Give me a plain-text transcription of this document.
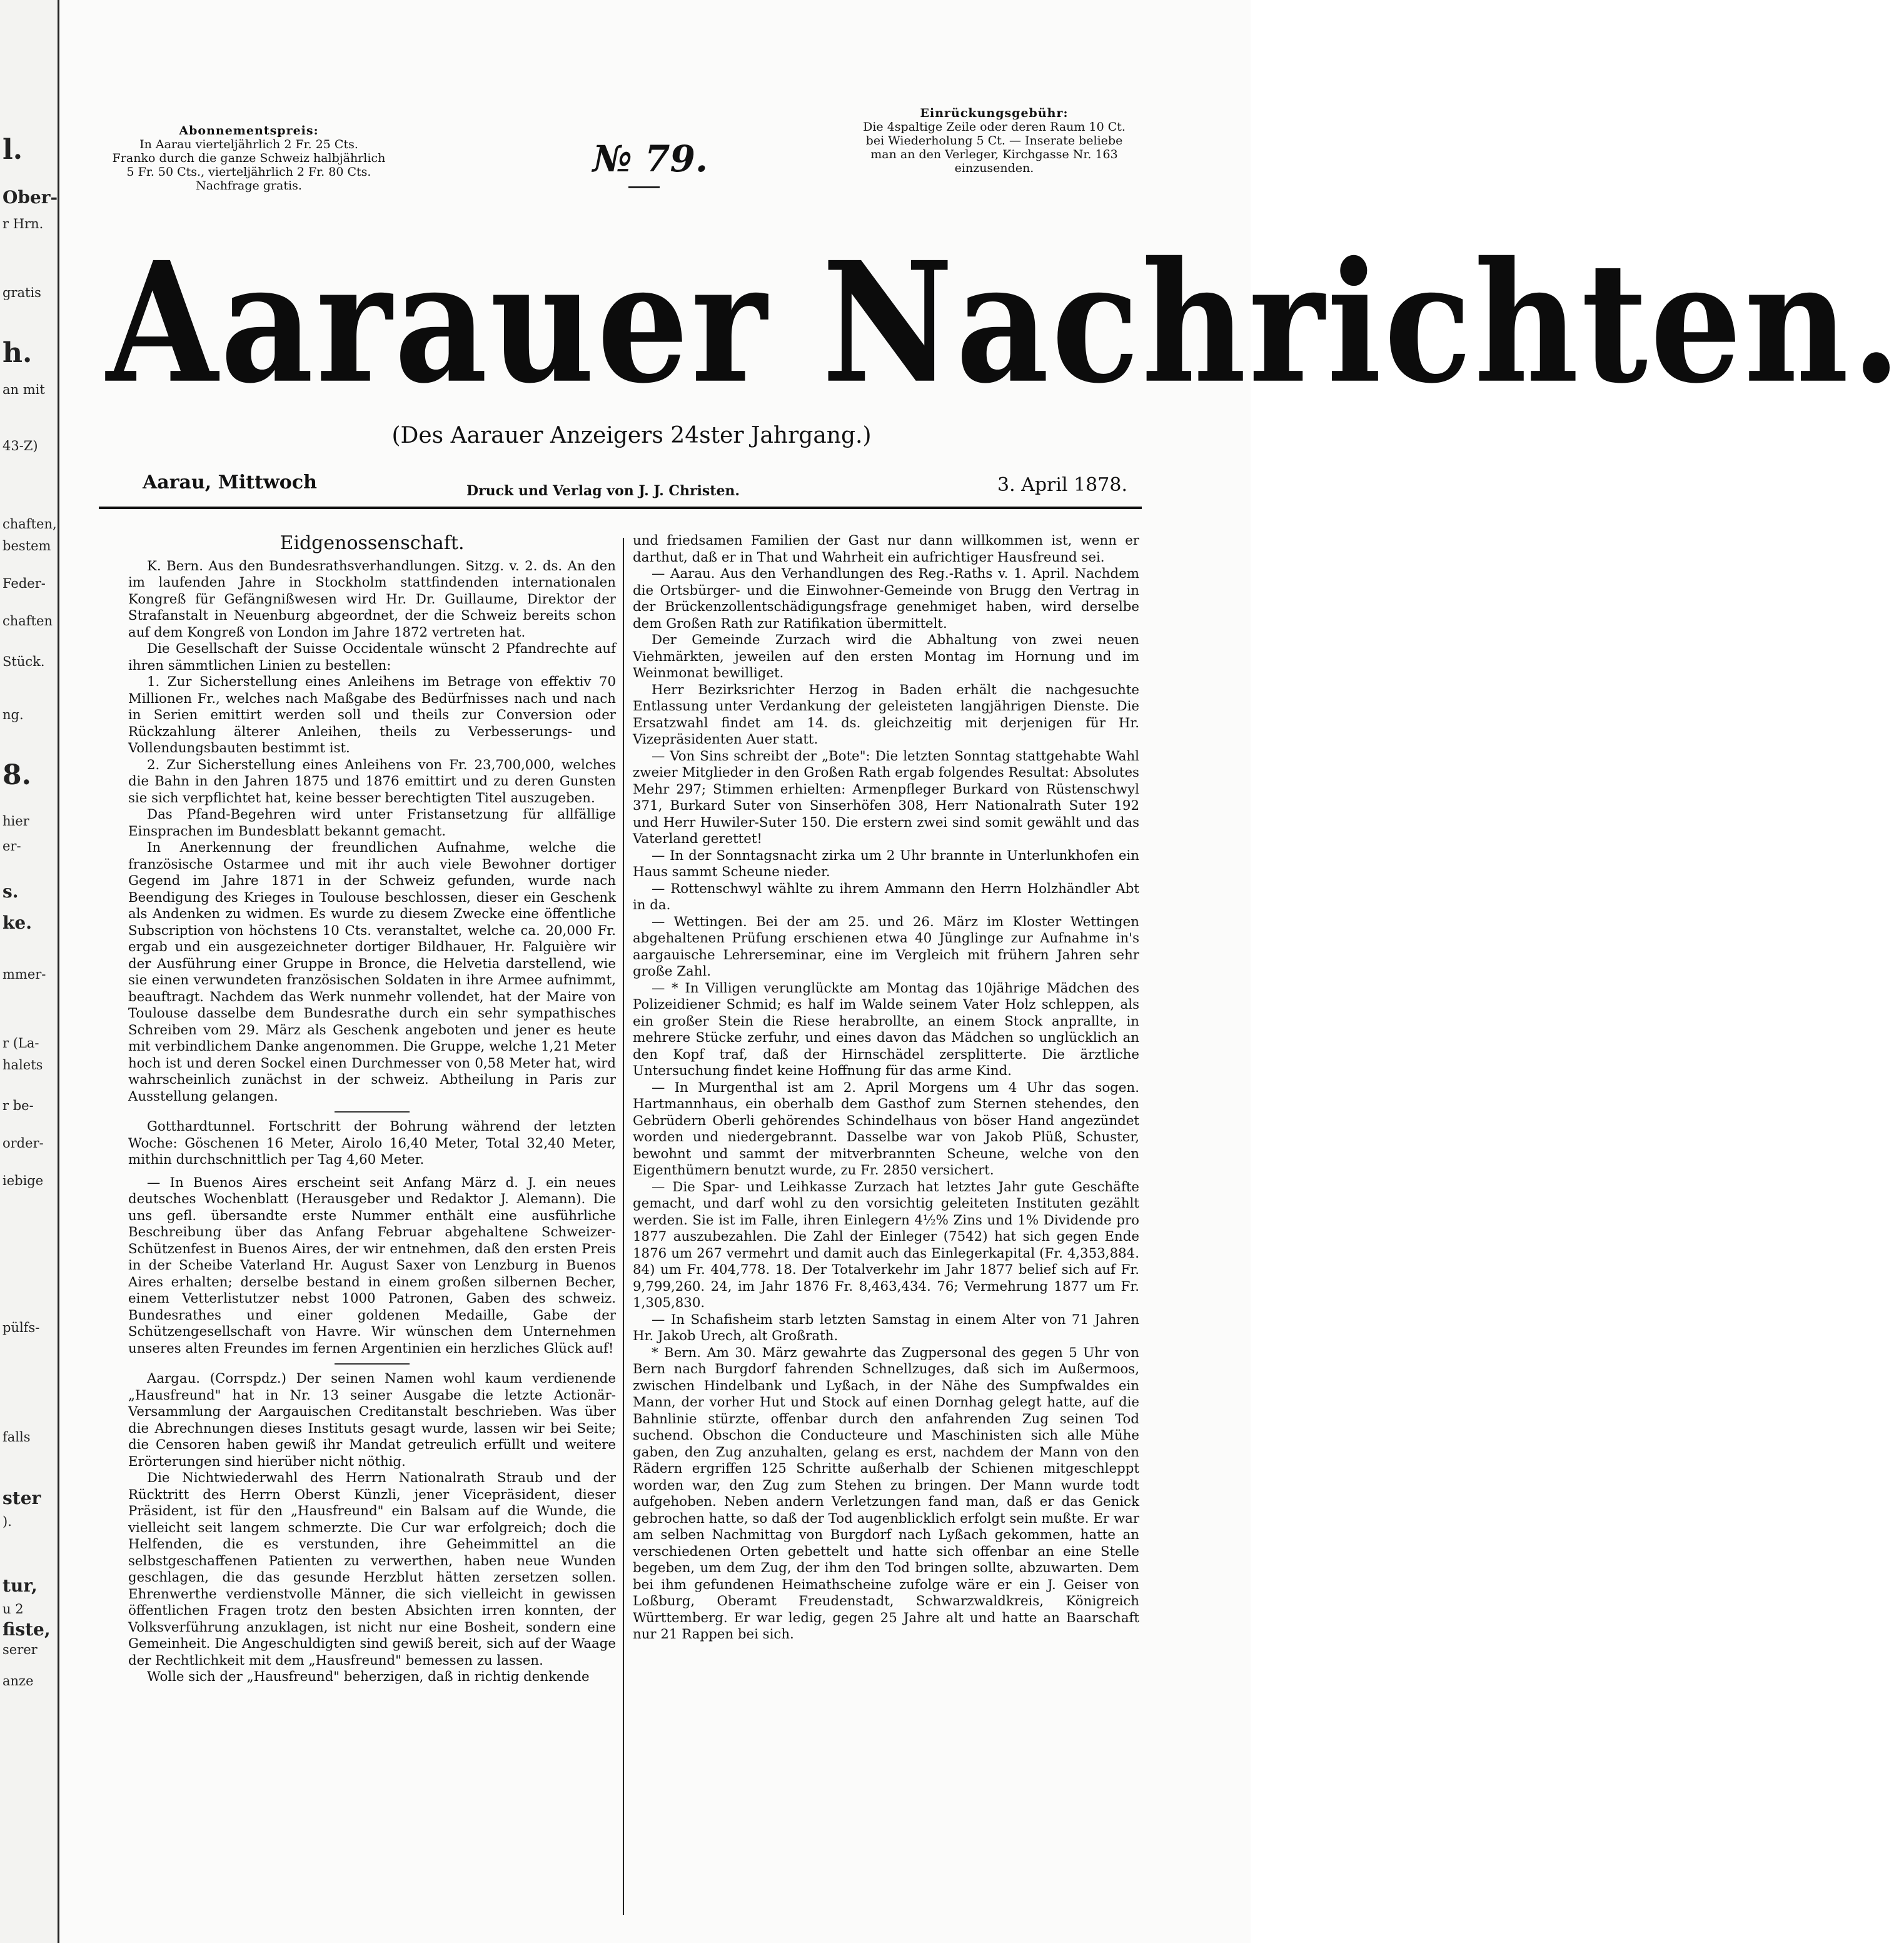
l.
Ober-
r Hrn.
gratis
h.
an mit
43-Z)
chaften,
bestem
Feder-
chaften
Stück.
ng.
8.
hier
er-
s.
ke.
mmer-
r (La-
halets
r be-
order-
iebige
pülfs-
falls
ster
).
tur,
u 2
fiste,
serer
anze
Abonnementspreis:
In Aarau vierteljährlich 2 Fr. 25 Cts.
Franko durch die ganze Schweiz halbjährlich
5 Fr. 50 Cts., vierteljährlich 2 Fr. 80 Cts.
Nachfrage gratis.
№ 79.
Einrückungsgebühr:
Die 4spaltige Zeile oder deren Raum 10 Ct.
bei Wiederholung 5 Ct. — Inserate beliebe
man an den Verleger, Kirchgasse Nr. 163
einzusenden.
Aarauer Nachrichten.
(Des Aarauer Anzeigers 24ster Jahrgang.)
Aarau, Mittwoch	Druck und Verlag von J. J. Christen.	3. April 1878.
Eidgenossenschaft.

K. Bern. Aus den Bundesrathsverhandlungen. Sitzg. v. 2. ds. An den im laufenden Jahre in Stockholm stattfindenden internationalen Kongreß für Gefängnißwesen wird Hr. Dr. Guillaume, Direktor der Strafanstalt in Neuenburg abgeordnet, der die Schweiz bereits schon auf dem Kongreß von London im Jahre 1872 vertreten hat.

Die Gesellschaft der Suisse Occidentale wünscht 2 Pfandrechte auf ihren sämmtlichen Linien zu bestellen:

1. Zur Sicherstellung eines Anleihens im Betrage von effektiv 70 Millionen Fr., welches nach Maßgabe des Bedürfnisses nach und nach in Serien emittirt werden soll und theils zur Conversion oder Rückzahlung älterer Anleihen, theils zu Verbesserungs- und Vollendungsbauten bestimmt ist.

2. Zur Sicherstellung eines Anleihens von Fr. 23,700,000, welches die Bahn in den Jahren 1875 und 1876 emittirt und zu deren Gunsten sie sich verpflichtet hat, keine besser berechtigten Titel auszugeben.

Das Pfand-Begehren wird unter Fristansetzung für allfällige Einsprachen im Bundesblatt bekannt gemacht.

In Anerkennung der freundlichen Aufnahme, welche die französische Ostarmee und mit ihr auch viele Bewohner dortiger Gegend im Jahre 1871 in der Schweiz gefunden, wurde nach Beendigung des Krieges in Toulouse beschlossen, dieser ein Geschenk als Andenken zu widmen. Es wurde zu diesem Zwecke eine öffentliche Subscription von höchstens 10 Cts. veranstaltet, welche ca. 20,000 Fr. ergab und ein ausgezeichneter dortiger Bildhauer, Hr. Falguière wir der Ausführung einer Gruppe in Bronce, die Helvetia darstellend, wie sie einen verwundeten französischen Soldaten in ihre Armee aufnimmt, beauftragt. Nachdem das Werk nunmehr vollendet, hat der Maire von Toulouse dasselbe dem Bundesrathe durch ein sehr sympathisches Schreiben vom 29. März als Geschenk angeboten und jener es heute mit verbindlichem Danke angenommen. Die Gruppe, welche 1,21 Meter hoch ist und deren Sockel einen Durchmesser von 0,58 Meter hat, wird wahrscheinlich zunächst in der schweiz. Abtheilung in Paris zur Ausstellung gelangen.

Gotthardtunnel. Fortschritt der Bohrung während der letzten Woche: Göschenen 16 Meter, Airolo 16,40 Meter, Total 32,40 Meter, mithin durchschnittlich per Tag 4,60 Meter.

— In Buenos Aires erscheint seit Anfang März d. J. ein neues deutsches Wochenblatt (Herausgeber und Redaktor J. Alemann). Die uns gefl. übersandte erste Nummer enthält eine ausführliche Beschreibung über das Anfang Februar abgehaltene Schweizer-Schützenfest in Buenos Aires, der wir entnehmen, daß den ersten Preis in der Scheibe Vaterland Hr. August Saxer von Lenzburg in Buenos Aires erhalten; derselbe bestand in einem großen silbernen Becher, einem Vetterlistutzer nebst 1000 Patronen, Gaben des schweiz. Bundesrathes und einer goldenen Medaille, Gabe der Schützengesellschaft von Havre. Wir wünschen dem Unternehmen unseres alten Freundes im fernen Argentinien ein herzliches Glück auf!

Aargau. (Corrspdz.) Der seinen Namen wohl kaum verdienende „Hausfreund" hat in Nr. 13 seiner Ausgabe die letzte Actionär-Versammlung der Aargauischen Creditanstalt beschrieben. Was über die Abrechnungen dieses Instituts gesagt wurde, lassen wir bei Seite; die Censoren haben gewiß ihr Mandat getreulich erfüllt und weitere Erörterungen sind hierüber nicht nöthig.

Die Nichtwiederwahl des Herrn Nationalrath Straub und der Rücktritt des Herrn Oberst Künzli, jener Vicepräsident, dieser Präsident, ist für den „Hausfreund" ein Balsam auf die Wunde, die vielleicht seit langem schmerzte. Die Cur war erfolgreich; doch die Helfenden, die es verstunden, ihre Geheimmittel an die selbstgeschaffenen Patienten zu verwerthen, haben neue Wunden geschlagen, die das gesunde Herzblut hätten zersetzen sollen. Ehrenwerthe verdienstvolle Männer, die sich vielleicht in gewissen öffentlichen Fragen trotz den besten Absichten irren konnten, der Volksverführung anzuklagen, ist nicht nur eine Bosheit, sondern eine Gemeinheit. Die Angeschuldigten sind gewiß bereit, sich auf der Waage der Rechtlichkeit mit dem „Hausfreund" bemessen zu lassen.

Wolle sich der „Hausfreund" beherzigen, daß in richtig denkende

und friedsamen Familien der Gast nur dann willkommen ist, wenn er darthut, daß er in That und Wahrheit ein aufrichtiger Hausfreund sei.

— Aarau. Aus den Verhandlungen des Reg.-Raths v. 1. April. Nachdem die Ortsbürger- und die Einwohner-Gemeinde von Brugg den Vertrag in der Brückenzollentschädigungsfrage genehmiget haben, wird derselbe dem Großen Rath zur Ratifikation übermittelt.

Der Gemeinde Zurzach wird die Abhaltung von zwei neuen Viehmärkten, jeweilen auf den ersten Montag im Hornung und im Weinmonat bewilliget.

Herr Bezirksrichter Herzog in Baden erhält die nachgesuchte Entlassung unter Verdankung der geleisteten langjährigen Dienste. Die Ersatzwahl findet am 14. ds. gleichzeitig mit derjenigen für Hr. Vizepräsidenten Auer statt.

— Von Sins schreibt der „Bote": Die letzten Sonntag stattgehabte Wahl zweier Mitglieder in den Großen Rath ergab folgendes Resultat: Absolutes Mehr 297; Stimmen erhielten: Armenpfleger Burkard von Rüstenschwyl 371, Burkard Suter von Sinserhöfen 308, Herr Nationalrath Suter 192 und Herr Huwiler-Suter 150. Die erstern zwei sind somit gewählt und das Vaterland gerettet!

— In der Sonntagsnacht zirka um 2 Uhr brannte in Unterlunkhofen ein Haus sammt Scheune nieder.

— Rottenschwyl wählte zu ihrem Ammann den Herrn Holzhändler Abt in da.

— Wettingen. Bei der am 25. und 26. März im Kloster Wettingen abgehaltenen Prüfung erschienen etwa 40 Jünglinge zur Aufnahme in's aargauische Lehrerseminar, eine im Vergleich mit frühern Jahren sehr große Zahl.

— * In Villigen verunglückte am Montag das 10jährige Mädchen des Polizeidiener Schmid; es half im Walde seinem Vater Holz schleppen, als ein großer Stein die Riese herabrollte, an einem Stock anprallte, in mehrere Stücke zerfuhr, und eines davon das Mädchen so unglücklich an den Kopf traf, daß der Hirnschädel zersplitterte. Die ärztliche Untersuchung findet keine Hoffnung für das arme Kind.

— In Murgenthal ist am 2. April Morgens um 4 Uhr das sogen. Hartmannhaus, ein oberhalb dem Gasthof zum Sternen stehendes, den Gebrüdern Oberli gehörendes Schindelhaus von böser Hand angezündet worden und niedergebrannt. Dasselbe war von Jakob Plüß, Schuster, bewohnt und sammt der mitverbrannten Scheune, welche von den Eigenthümern benutzt wurde, zu Fr. 2850 versichert.

— Die Spar- und Leihkasse Zurzach hat letztes Jahr gute Geschäfte gemacht, und darf wohl zu den vorsichtig geleiteten Instituten gezählt werden. Sie ist im Falle, ihren Einlegern 4½% Zins und 1% Dividende pro 1877 auszubezahlen. Die Zahl der Einleger (7542) hat sich gegen Ende 1876 um 267 vermehrt und damit auch das Einlegerkapital (Fr. 4,353,884. 84) um Fr. 404,778. 18. Der Totalverkehr im Jahr 1877 belief sich auf Fr. 9,799,260. 24, im Jahr 1876 Fr. 8,463,434. 76; Vermehrung 1877 um Fr. 1,305,830.

— In Schafisheim starb letzten Samstag in einem Alter von 71 Jahren Hr. Jakob Urech, alt Großrath.

* Bern. Am 30. März gewahrte das Zugpersonal des gegen 5 Uhr von Bern nach Burgdorf fahrenden Schnellzuges, daß sich im Außermoos, zwischen Hindelbank und Lyßach, in der Nähe des Sumpfwaldes ein Mann, der vorher Hut und Stock auf einen Dornhag gelegt hatte, auf die Bahnlinie stürzte, offenbar durch den anfahrenden Zug seinen Tod suchend. Obschon die Conducteure und Maschinisten sich alle Mühe gaben, den Zug anzuhalten, gelang es erst, nachdem der Mann von den Rädern ergriffen 125 Schritte außerhalb der Schienen mitgeschleppt worden war, den Zug zum Stehen zu bringen. Der Mann wurde todt aufgehoben. Neben andern Verletzungen fand man, daß er das Genick gebrochen hatte, so daß der Tod augenblicklich erfolgt sein mußte. Er war am selben Nachmittag von Burgdorf nach Lyßach gekommen, hatte an verschiedenen Orten gebettelt und hatte sich offenbar an eine Stelle begeben, um dem Zug, der ihm den Tod bringen sollte, abzuwarten. Dem bei ihm gefundenen Heimathscheine zufolge wäre er ein J. Geiser von Loßburg, Oberamt Freudenstadt, Schwarzwaldkreis, Königreich Württemberg. Er war ledig, gegen 25 Jahre alt und hatte an Baarschaft nur 21 Rappen bei sich.
